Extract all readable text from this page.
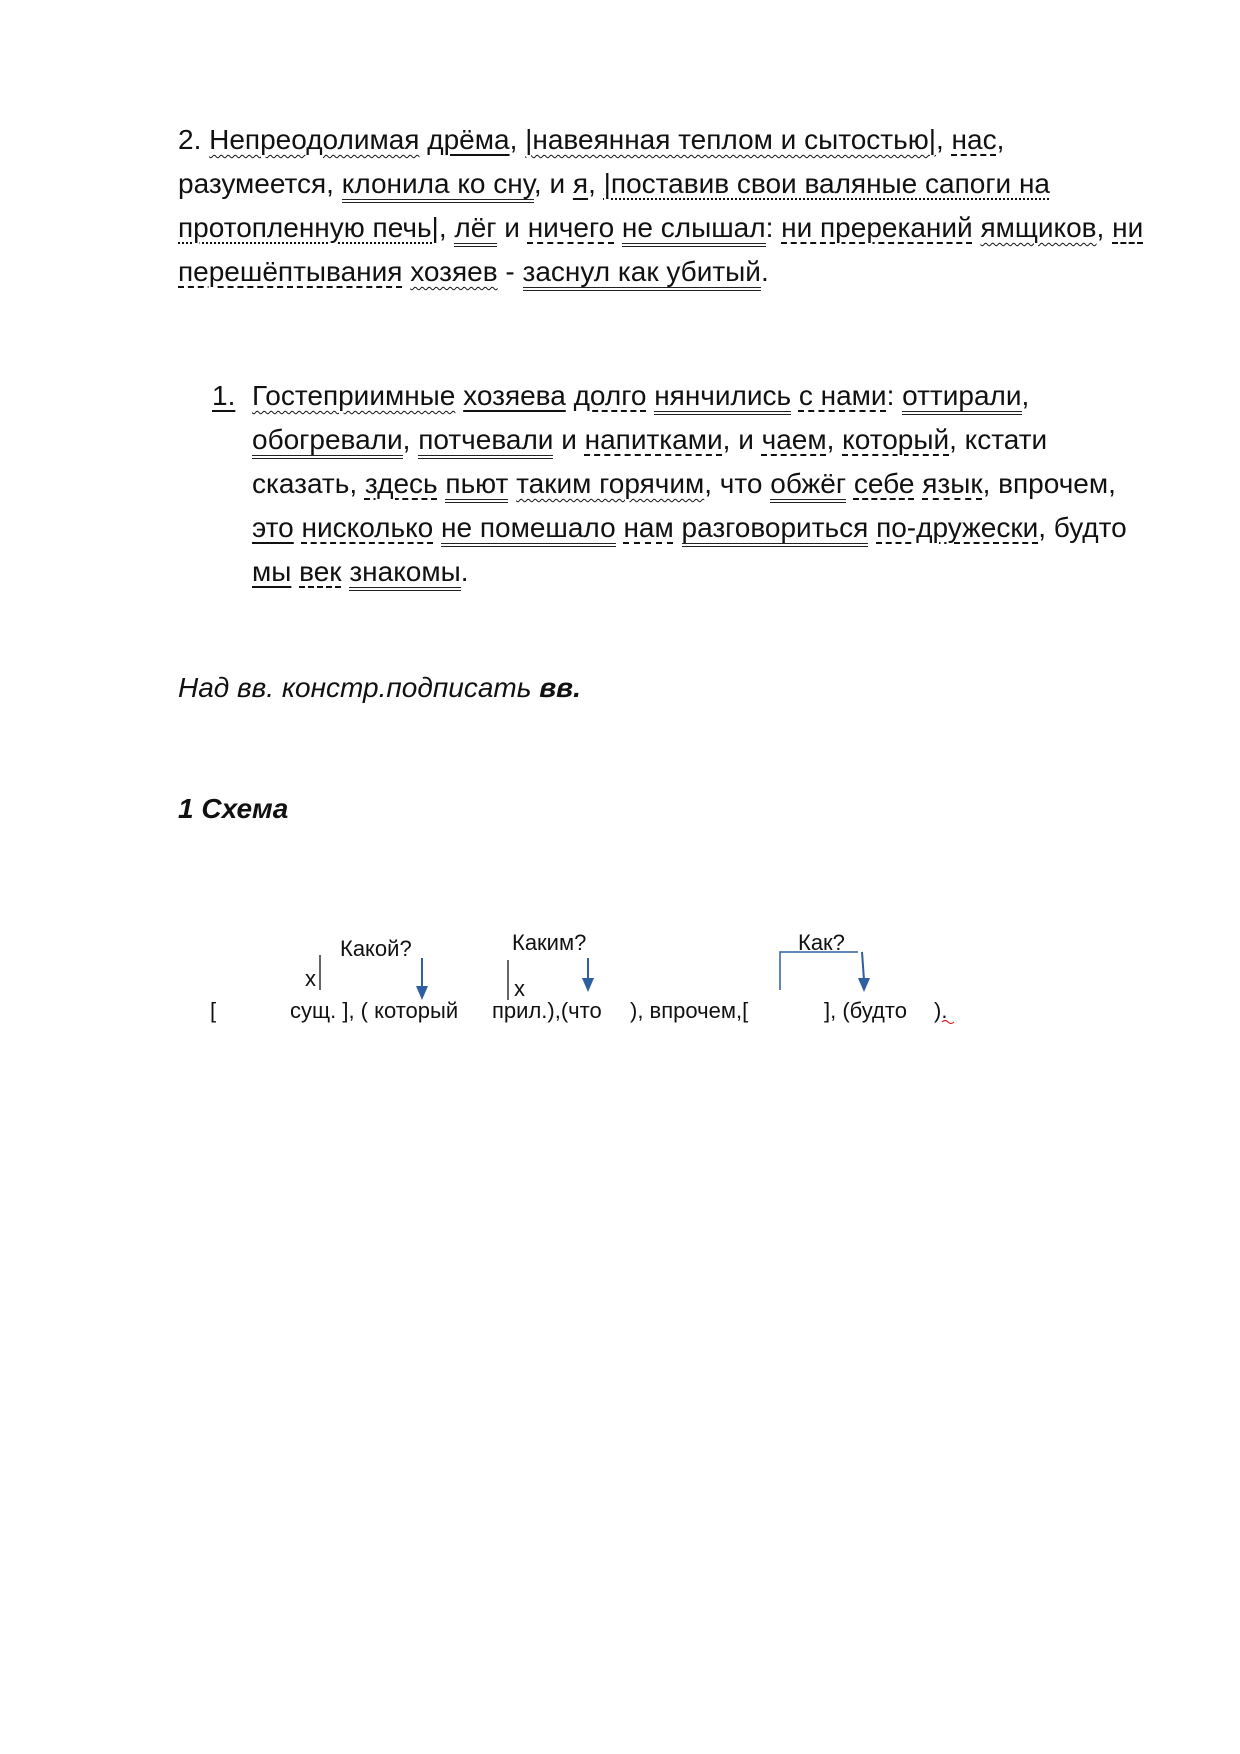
2. Непреодолимая дрёма, |навеянная теплом и сытостью|, нас, разумеется, клонила ко сну, и я, |поставив свои валяные сапоги на протопленную печь|, лёг и ничего не слышал: ни пререканий ямщиков, ни перешёптывания хозяев - заснул как убитый.

1. Гостеприимные хозяева долго нянчились с нами: оттирали, обогревали, потчевали и напитками, и чаем, который, кстати сказать, здесь пьют таким горячим, что обжёг себе язык, впрочем, это нисколько не помешало нам разговориться по-дружески, будто мы век знакомы.

Над вв. констр.подписать вв.

1 Схема

Какой?	Каким?	Как?
х	х
[	сущ. ], ( который прил.),(что ), впрочем,[	], (будто ).
